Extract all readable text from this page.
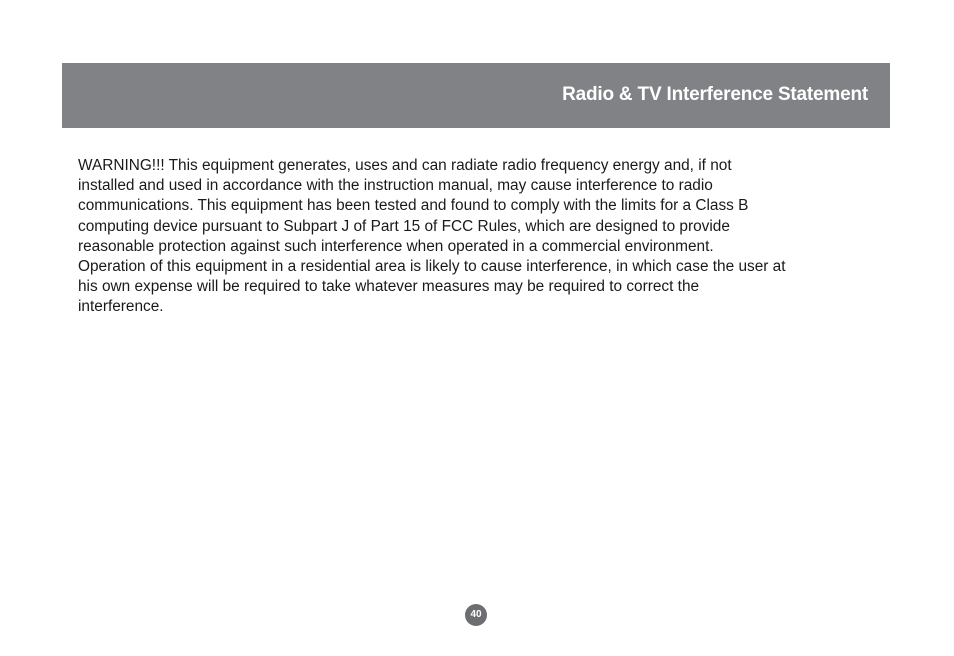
Radio & TV Interference Statement

WARNING!!! This equipment generates, uses and can radiate radio frequency energy and, if not
installed and used in accordance with the instruction manual, may cause interference to radio
communications. This equipment has been tested and found to comply with the limits for a Class B
computing device pursuant to Subpart J of Part 15 of FCC Rules, which are designed to provide
reasonable protection against such interference when operated in a commercial environment.
Operation of this equipment in a residential area is likely to cause interference, in which case the user at
his own expense will be required to take whatever measures may be required to correct the
interference.

40
